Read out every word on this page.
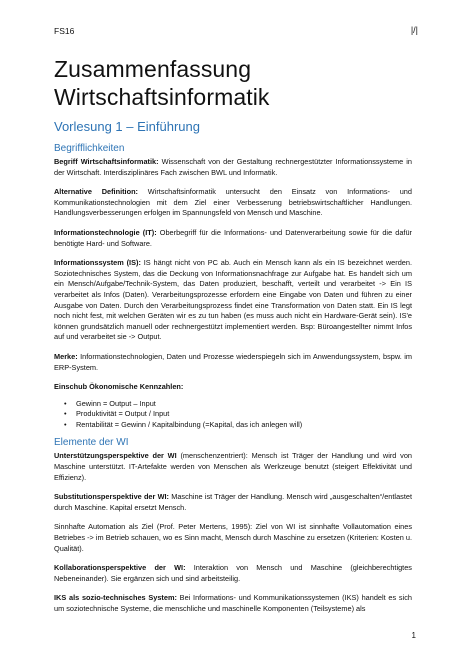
FS16	|/|
Zusammenfassung Wirtschaftsinformatik
Vorlesung 1 – Einführung
Begrifflichkeiten

Begriff Wirtschaftsinformatik: Wissenschaft von der Gestaltung rechnergestützter Informationssysteme in der Wirtschaft. Interdisziplinäres Fach zwischen BWL und Informatik.

Alternative Definition: Wirtschaftsinformatik untersucht den Einsatz von Informations- und Kommunikationstechnologien mit dem Ziel einer Verbesserung betriebswirtschaftlicher Handlungen. Handlungsverbesserungen erfolgen im Spannungsfeld von Mensch und Maschine.

Informationstechnologie (IT): Oberbegriff für die Informations- und Datenverarbeitung sowie für die dafür benötigte Hard- und Software.

Informationssystem (IS): IS hängt nicht von PC ab. Auch ein Mensch kann als ein IS bezeichnet werden. Soziotechnisches System, das die Deckung von Informationsnachfrage zur Aufgabe hat. Es handelt sich um ein Mensch/Aufgabe/Technik-System, das Daten produziert, beschafft, verteilt und verarbeitet -> Ein IS verarbeitet als Infos (Daten). Verarbeitungsprozesse erfordern eine Eingabe von Daten und führen zu einer Ausgabe von Daten. Durch den Verarbeitungsprozess findet eine Transformation von Daten statt. Ein IS legt noch nicht fest, mit welchen Geräten wir es zu tun haben (es muss auch nicht ein Hardware-Gerät sein). IS'e können grundsätzlich manuell oder rechnergestützt implementiert werden. Bsp: Büroangestellter nimmt Infos auf und verarbeitet sie -> Output.

Merke: Informationstechnologien, Daten und Prozesse wiederspiegeln sich im Anwendungssystem, bspw. im ERP-System.

Einschub Ökonomische Kennzahlen:

• Gewinn = Output – Input
• Produktivität = Output / Input
• Rentabilität = Gewinn / Kapitalbindung (=Kapital, das ich anlegen will)
Elemente der WI

Unterstützungsperspektive der WI (menschenzentriert): Mensch ist Träger der Handlung und wird von Maschine unterstützt. IT-Artefakte werden von Menschen als Werkzeuge benutzt (steigert Effektivität und Effizienz).

Substitutionsperspektive der WI: Maschine ist Träger der Handlung. Mensch wird „ausgeschalten“/entlastet durch Maschine. Kapital ersetzt Mensch.

Sinnhafte Automation als Ziel (Prof. Peter Mertens, 1995): Ziel von WI ist sinnhafte Vollautomation eines Betriebes -> im Betrieb schauen, wo es Sinn macht, Mensch durch Maschine zu ersetzen (Kriterien: Kosten u. Qualität).

Kollaborationsperspektive der WI: Interaktion von Mensch und Maschine (gleichberechtigtes Nebeneinander). Sie ergänzen sich und sind arbeitsteilig.

IKS als sozio-technisches System: Bei Informations- und Kommunikationssystemen (IKS) handelt es sich um soziotechnische Systeme, die menschliche und maschinelle Komponenten (Teilsysteme) als

1
